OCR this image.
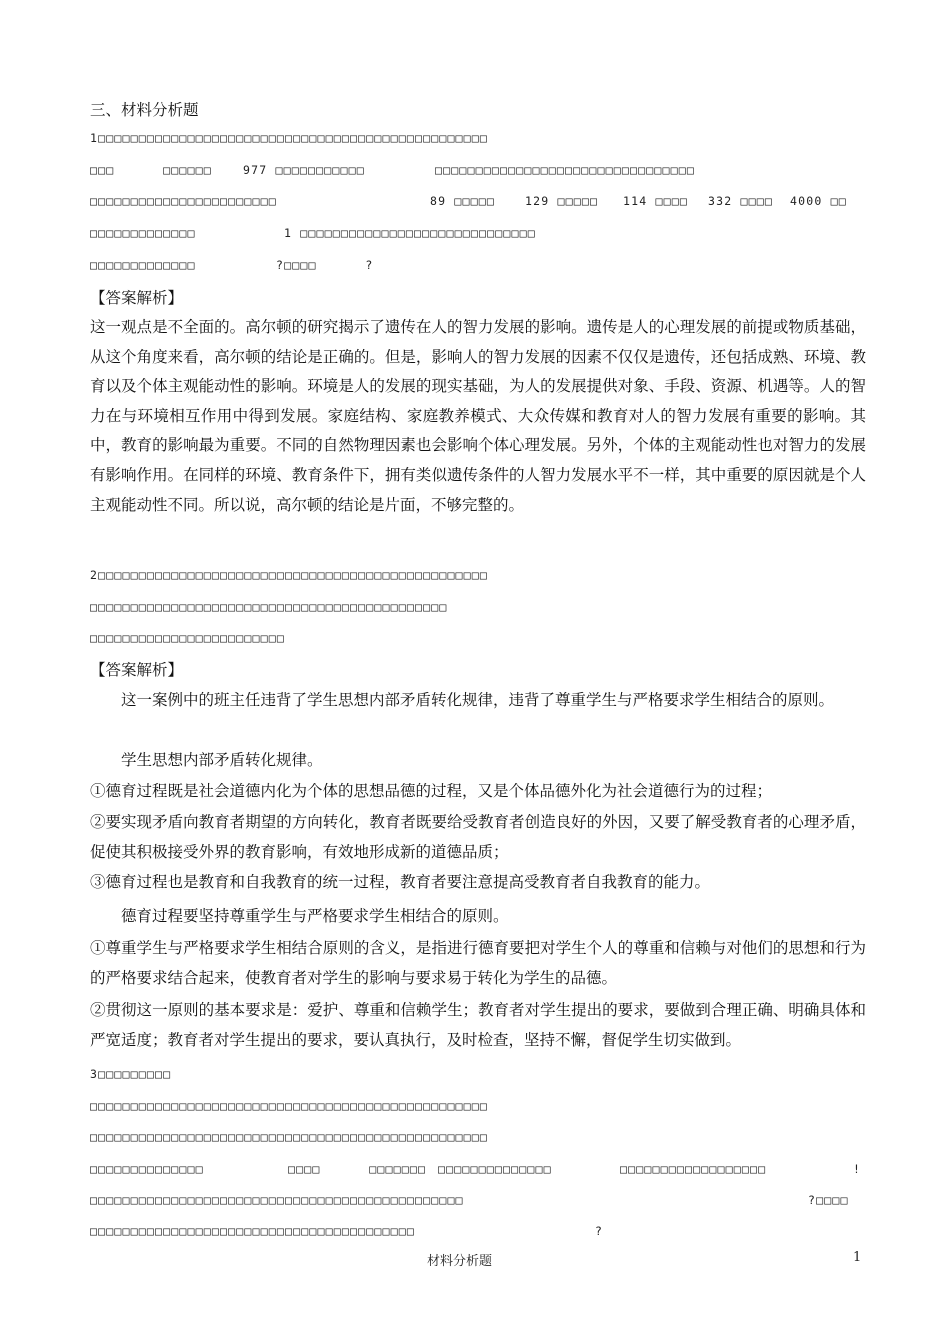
三、材料分析题
1□□□□□□□□□□□□□□□□□□□□□□□□□□□□□□□□□□□□□□□□□□□□□□□□
□□□      □□□□□□	977 □□□□□□□□□□□	□□□□□□□□□□□□□□□□□□□□□□□□□□□□□□□□
□□□□□□□□□□□□□□□□□□□□□□□	89 □□□□□	129 □□□□□ 114 □□□□ 332 □□□□ 4000 □□
□□□□□□□□□□□□□	1 □□□□□□□□□□□□□□□□□□□□□□□□□□□□□
□□□□□□□□□□□□□	?□□□□      ?
【答案解析】
这一观点是不全面的。高尔顿的研究揭示了遗传在人的智力发展的影响。遗传是人的心理发展的前提或物质基础，从这个角度来看，高尔顿的结论是正确的。但是，影响人的智力发展的因素不仅仅是遗传，还包括成熟、环境、教育以及个体主观能动性的影响。环境是人的发展的现实基础，为人的发展提供对象、手段、资源、机遇等。人的智力在与环境相互作用中得到发展。家庭结构、家庭教养模式、大众传媒和教育对人的智力发展有重要的影响。其中，教育的影响最为重要。不同的自然物理因素也会影响个体心理发展。另外，个体的主观能动性也对智力的发展有影响作用。在同样的环境、教育条件下，拥有类似遗传条件的人智力发展水平不一样，其中重要的原因就是个人主观能动性不同。所以说，高尔顿的结论是片面，不够完整的。
2□□□□□□□□□□□□□□□□□□□□□□□□□□□□□□□□□□□□□□□□□□□□□□□□
□□□□□□□□□□□□□□□□□□□□□□□□□□□□□□□□□□□□□□□□□□□□
□□□□□□□□□□□□□□□□□□□□□□□□
【答案解析】
这一案例中的班主任违背了学生思想内部矛盾转化规律，违背了尊重学生与严格要求学生相结合的原则。
学生思想内部矛盾转化规律。
①德育过程既是社会道德内化为个体的思想品德的过程，又是个体品德外化为社会道德行为的过程；
②要实现矛盾向教育者期望的方向转化，教育者既要给受教育者创造良好的外因，又要了解受教育者的心理矛盾，促使其积极接受外界的教育影响，有效地形成新的道德品质；
③德育过程也是教育和自我教育的统一过程，教育者要注意提高受教育者自我教育的能力。
德育过程要坚持尊重学生与严格要求学生相结合的原则。
①尊重学生与严格要求学生相结合原则的含义，是指进行德育要把对学生个人的尊重和信赖与对他们的思想和行为的严格要求结合起来，使教育者对学生的影响与要求易于转化为学生的品德。
②贯彻这一原则的基本要求是：爱护、尊重和信赖学生；教育者对学生提出的要求，要做到合理正确、明确具体和严宽适度；教育者对学生提出的要求，要认真执行，及时检查，坚持不懈，督促学生切实做到。
3□□□□□□□□□
□□□□□□□□□□□□□□□□□□□□□□□□□□□□□□□□□□□□□□□□□□□□□□□□□
□□□□□□□□□□□□□□□□□□□□□□□□□□□□□□□□□□□□□□□□□□□□□□□□□
□□□□□□□□□□□□□□	□□□□      □□□□□□□ □□□□□□□□□□□□□□	□□□□□□□□□□□□□□□□□□	!
□□□□□□□□□□□□□□□□□□□□□□□□□□□□□□□□□□□□□□□□□□□□□□	?□□□□
□□□□□□□□□□□□□□□□□□□□□□□□□□□□□□□□□□□□□□□□	?
材料分析题	1
